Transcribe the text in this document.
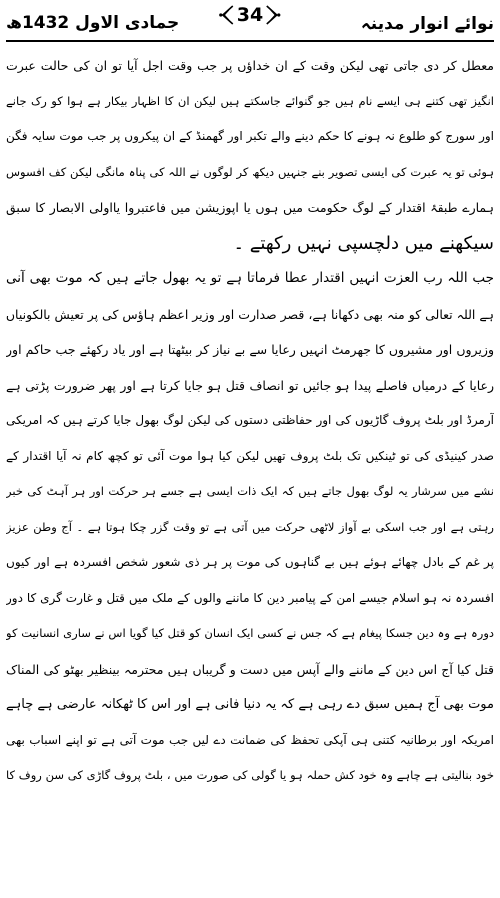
نوائے انوار مدینہ
جمادی الاول 1432ھ	34
معطل کر دی جاتی تھی لیکن وقت کے ان خداؤں پر جب وقت اجل آیا تو ان کی حالت عبرت
انگیز تھی کتنے ہی ایسے نام ہیں جو گنوائے جاسکتے ہیں لیکن ان کا اظہار بیکار ہے ہوا کو رک جانے
اور سورج کو طلوع نہ ہونے کا حکم دینے والے تکبر اور گھمنڈ کے ان پیکروں پر جب موت سایہ فگن
ہوئی تو یہ عبرت کی ایسی تصویر بنے جنہیں دیکھ کر لوگوں نے اللہ کی پناہ مانگی لیکن کف افسوس
ہمارے طبقۂ اقتدار کے لوگ حکومت میں ہوں یا اپوزیشن میں فاعتبروا یااولی الابصار کا سبق
سیکھنے میں دلچسپی نہیں رکھتے ۔
جب اللہ رب العزت انہیں اقتدار عطا فرماتا ہے تو یہ بھول جاتے ہیں کہ موت بھی آنی
ہے اللہ تعالی کو منہ بھی دکھانا ہے، قصر صدارت اور وزیر اعظم ہاؤس کی پر تعیش بالکونیاں
وزیروں اور مشیروں کا جھرمٹ انہیں رعایا سے بے نیاز کر بیٹھتا ہے اور یاد رکھئے جب حاکم اور
رعایا کے درمیاں فاصلے پیدا ہو جائیں تو انصاف قتل ہو جایا کرتا ہے اور پھر ضرورت پڑتی ہے
آرمرڈ اور بلٹ پروف گاڑیوں کی اور حفاظتی دستوں کی لیکن لوگ بھول جایا کرتے ہیں کہ امریکی
صدر کینیڈی کی تو ٹینکیں تک بلٹ پروف تھیں لیکن کیا ہوا موت آئی تو کچھ کام نہ آیا اقتدار کے
نشے میں سرشار یہ لوگ بھول جاتے ہیں کہ ایک ذات ایسی ہے جسے ہر حرکت اور ہر آہٹ کی خبر
رہتی ہے اور جب اسکی بے آواز لاٹھی حرکت میں آتی ہے تو وقت گزر چکا ہوتا ہے ۔ آج وطن عزیز
پر غم کے بادل چھائے ہوئے ہیں بے گناہوں کی موت پر ہر ذی شعور شخص افسردہ ہے اور کیوں
افسردہ نہ ہو اسلام جیسے امن کے پیامبر دین کا ماننے والوں کے ملک میں قتل و غارت گری کا دور
دورہ ہے وہ دین جسکا پیغام ہے کہ جس نے کسی ایک انسان کو قتل کیا گویا اس نے ساری انسانیت کو
قتل کیا آج اس دین کے ماننے والے آپس میں دست و گریباں ہیں محترمہ بینظیر بھٹو کی المناک
موت بھی آج ہمیں سبق دے رہی ہے کہ یہ دنیا فانی ہے اور اس کا ٹھکانہ عارضی ہے چاہے
امریکہ اور برطانیہ کتنی ہی آپکی تحفظ کی ضمانت دے لیں جب موت آتی ہے تو اپنے اسباب بھی
خود بنالیتی ہے چاہے وہ خود کش حملہ ہو یا گولی کی صورت میں ، بلٹ پروف گاڑی کی سن روف کا
